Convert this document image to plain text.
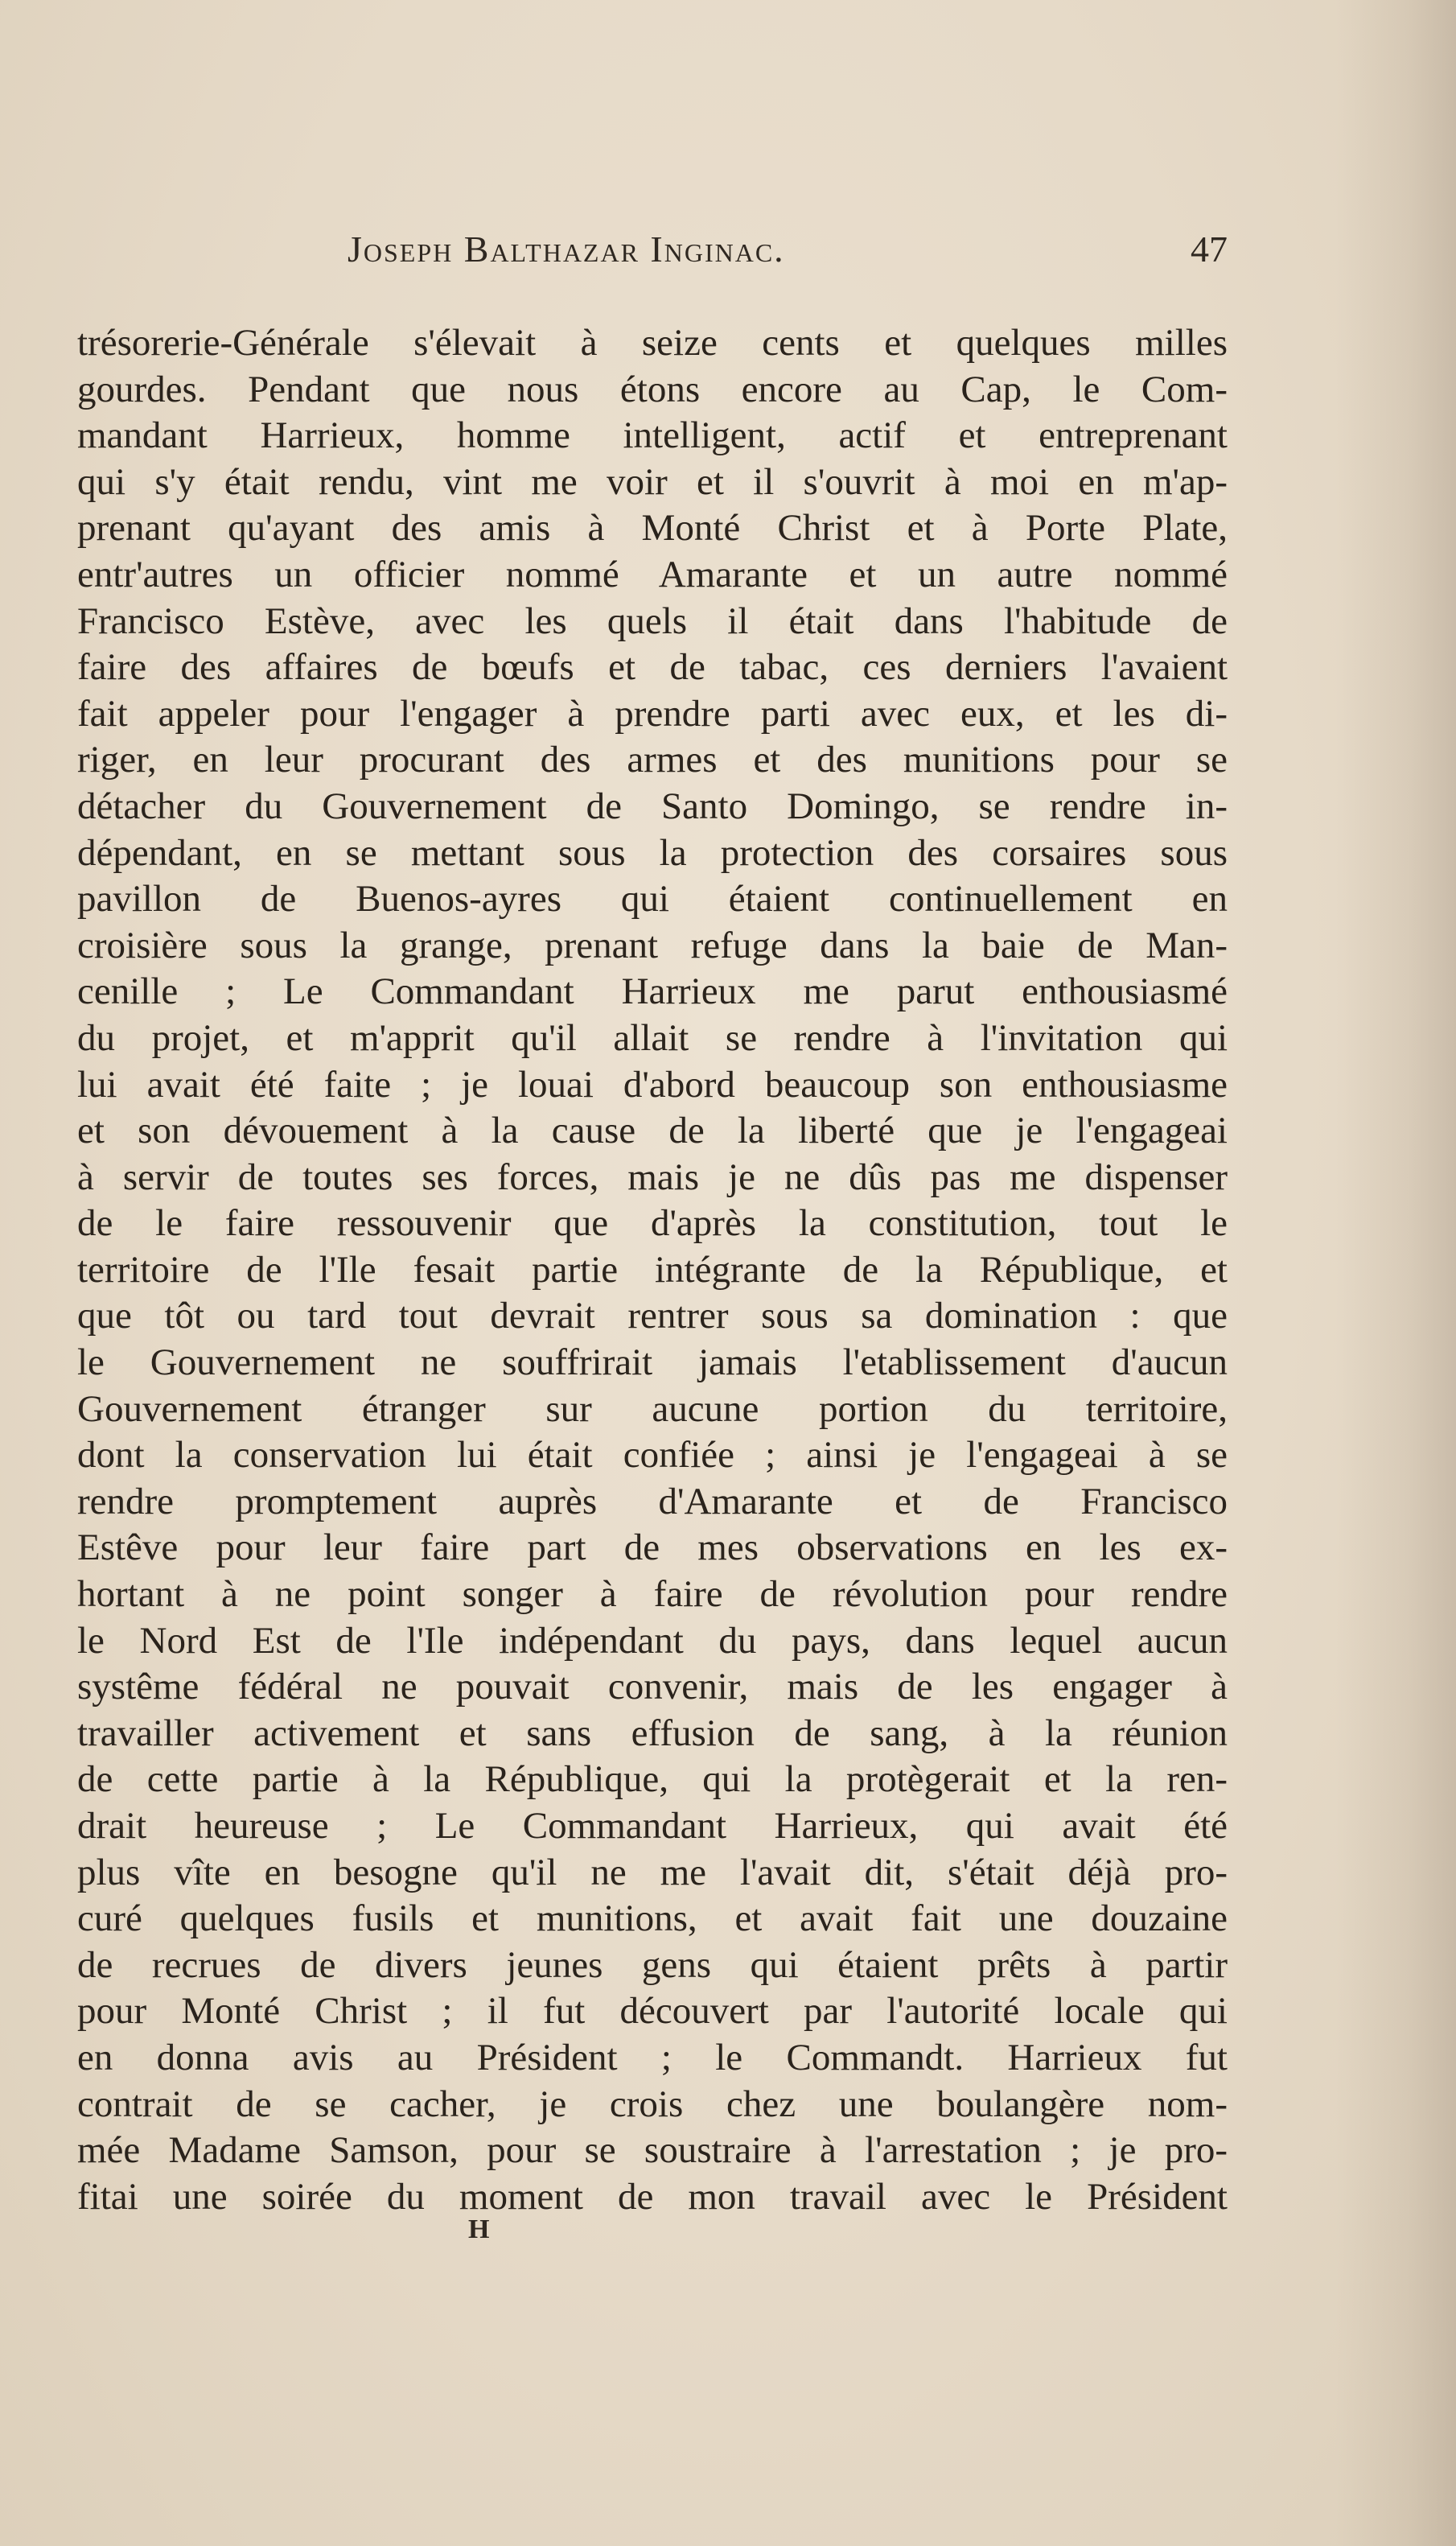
Joseph Balthazar Inginac.	47
trésorerie-Générale s'élevait à seize cents et quelques milles
gourdes. Pendant que nous étons encore au Cap, le Com-
mandant Harrieux, homme intelligent, actif et entreprenant
qui s'y était rendu, vint me voir et il s'ouvrit à moi en m'ap-
prenant qu'ayant des amis à Monté Christ et à Porte Plate,
entr'autres un officier nommé Amarante et un autre nommé
Francisco Estève, avec les quels il était dans l'habitude de
faire des affaires de bœufs et de tabac, ces derniers l'avaient
fait appeler pour l'engager à prendre parti avec eux, et les di-
riger, en leur procurant des armes et des munitions pour se
détacher du Gouvernement de Santo Domingo, se rendre in-
dépendant, en se mettant sous la protection des corsaires sous
pavillon de Buenos-ayres qui étaient continuellement en
croisière sous la grange, prenant refuge dans la baie de Man-
cenille ; Le Commandant Harrieux me parut enthousiasmé
du projet, et m'apprit qu'il allait se rendre à l'invitation qui
lui avait été faite ; je louai d'abord beaucoup son enthousiasme
et son dévouement à la cause de la liberté que je l'engageai
à servir de toutes ses forces, mais je ne dûs pas me dispenser
de le faire ressouvenir que d'après la constitution, tout le
territoire de l'Ile fesait partie intégrante de la République, et
que tôt ou tard tout devrait rentrer sous sa domination : que
le Gouvernement ne souffrirait jamais l'etablissement d'aucun
Gouvernement étranger sur aucune portion du territoire,
dont la conservation lui était confiée ; ainsi je l'engageai à se
rendre promptement auprès d'Amarante et de Francisco
Estêve pour leur faire part de mes observations en les ex-
hortant à ne point songer à faire de révolution pour rendre
le Nord Est de l'Ile indépendant du pays, dans lequel aucun
systême fédéral ne pouvait convenir, mais de les engager à
travailler activement et sans effusion de sang, à la réunion
de cette partie à la République, qui la protègerait et la ren-
drait heureuse ; Le Commandant Harrieux, qui avait été
plus vîte en besogne qu'il ne me l'avait dit, s'était déjà pro-
curé quelques fusils et munitions, et avait fait une douzaine
de recrues de divers jeunes gens qui étaient prêts à partir
pour Monté Christ ; il fut découvert par l'autorité locale qui
en donna avis au Président ; le Commandt. Harrieux fut
contrait de se cacher, je crois chez une boulangère nom-
mée Madame Samson, pour se soustraire à l'arrestation ; je pro-
fitai une soirée du moment de mon travail avec le Président
H
